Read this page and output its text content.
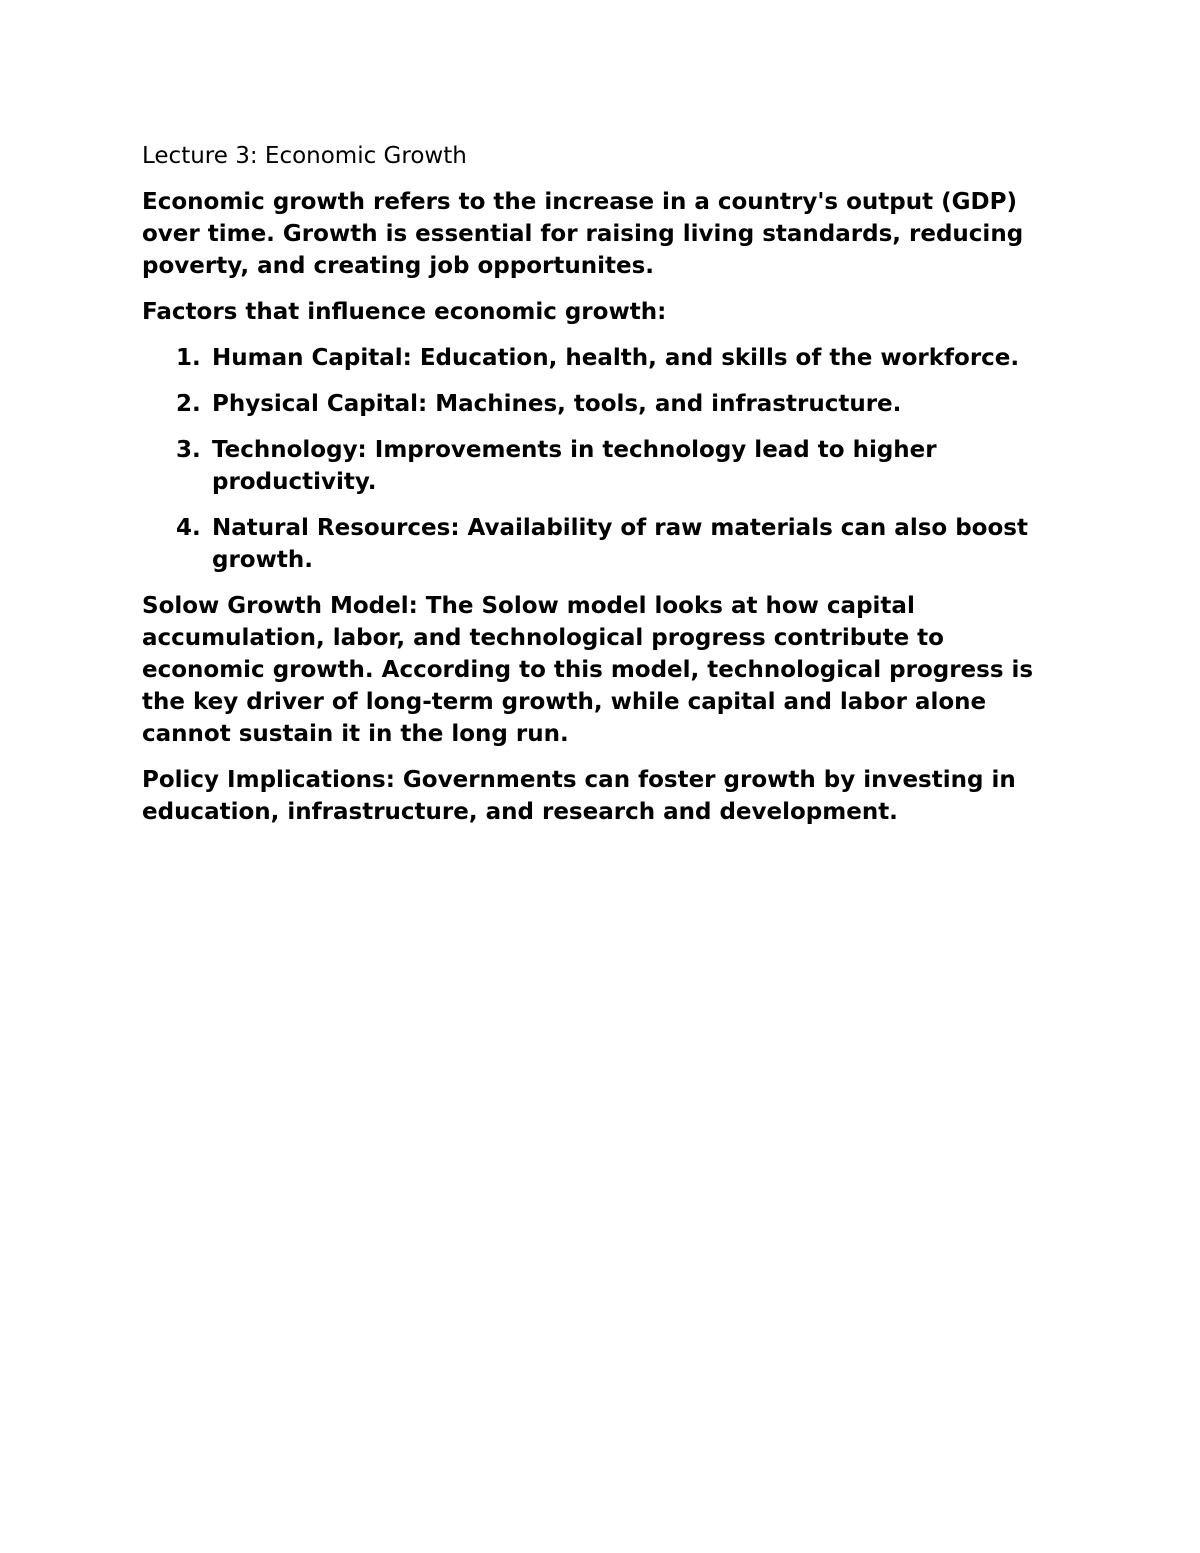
Lecture 3: Economic Growth

Economic growth refers to the increase in a country's output (GDP) over time. Growth is essential for raising living standards, reducing poverty, and creating job opportunites.

Factors that influence economic growth:

1. Human Capital: Education, health, and skills of the workforce.
2. Physical Capital: Machines, tools, and infrastructure.
3. Technology: Improvements in technology lead to higher productivity.
4. Natural Resources: Availability of raw materials can also boost growth.

Solow Growth Model: The Solow model looks at how capital accumulation, labor, and technological progress contribute to economic growth. According to this model, technological progress is the key driver of long-term growth, while capital and labor alone cannot sustain it in the long run.

Policy Implications: Governments can foster growth by investing in education, infrastructure, and research and development.
